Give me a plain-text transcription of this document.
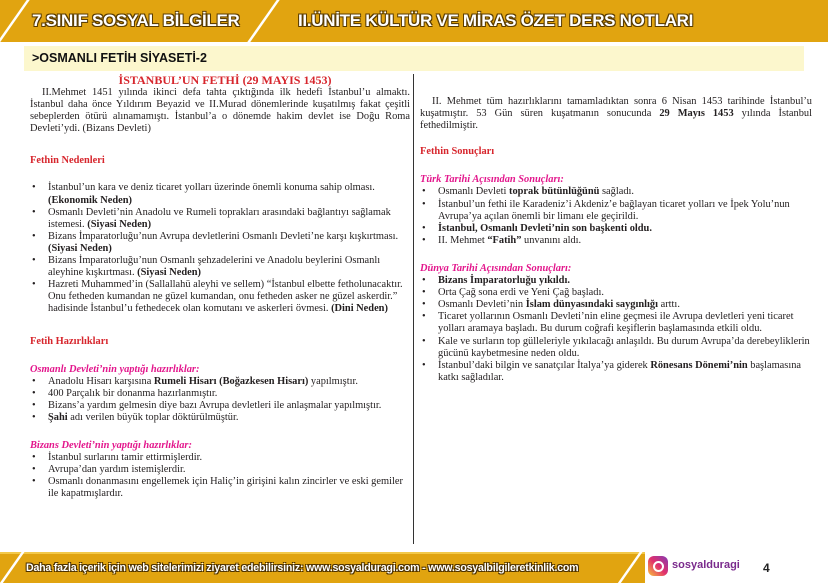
7.SINIF SOSYAL BİLGİLER	II.ÜNİTE KÜLTÜR VE MİRAS ÖZET DERS NOTLARI
>OSMANLI FETİH SİYASETİ-2
İSTANBUL’UN FETHİ (29 MAYIS 1453)
II.Mehmet 1451 yılında ikinci defa tahta çıktığında ilk hedefi İstanbul’u almaktı. İstanbul daha önce Yıldırım Beyazid ve II.Murad dönemlerinde kuşatılmış fakat çeşitli sebeplerden ötürü alınamamıştı. İstanbul’a o dönemde hakim devlet ise Doğu Roma Devleti’ydi. (Bizans Devleti)
Fethin Nedenleri
• İstanbul’un kara ve deniz ticaret yolları üzerinde önemli konuma sahip olması. (Ekonomik Neden)
• Osmanlı Devleti’nin Anadolu ve Rumeli toprakları arasındaki bağlantıyı sağlamak istemesi. (Siyasi Neden)
• Bizans İmparatorluğu’nun Avrupa devletlerini Osmanlı Devleti’ne karşı kışkırtması. (Siyasi Neden)
• Bizans İmparatorluğu’nun Osmanlı şehzadelerini ve Anadolu beylerini Osmanlı aleyhine kışkırtması. (Siyasi Neden)
• Hazreti Muhammed’in (Sallallahü aleyhi ve sellem) “İstanbul elbette fetholunacaktır. Onu fetheden kumandan ne güzel kumandan, onu fetheden asker ne güzel askerdir.” hadisinde İstanbul’u fethedecek olan komutanı ve askerleri övmesi. (Dini Neden)
Fetih Hazırlıkları
Osmanlı Devleti’nin yaptığı hazırlıklar:
• Anadolu Hisarı karşısına Rumeli Hisarı (Boğazkesen Hisarı) yapılmıştır.
• 400 Parçalık bir donanma hazırlanmıştır.
• Bizans’a yardım gelmesin diye bazı Avrupa devletleri ile anlaşmalar yapılmıştır.
• Şahi adı verilen büyük toplar döktürülmüştür.
Bizans Devleti’nin yaptığı hazırlıklar:
• İstanbul surlarını tamir ettirmişlerdir.
• Avrupa’dan yardım istemişlerdir.
• Osmanlı donanmasını engellemek için Haliç’in girişini kalın zincirler ve eski gemiler ile kapatmışlardır.
II. Mehmet tüm hazırlıklarını tamamladıktan sonra 6 Nisan 1453 tarihinde İstanbul’u kuşatmıştır. 53 Gün süren kuşatmanın sonucunda 29 Mayıs 1453 yılında İstanbul fethedilmiştir.
Fethin Sonuçları
Türk Tarihi Açısından Sonuçları:
• Osmanlı Devleti toprak bütünlüğünü sağladı.
• İstanbul’un fethi ile Karadeniz’i Akdeniz’e bağlayan ticaret yolları ve İpek Yolu’nun Avrupa’ya açılan önemli bir limanı ele geçirildi.
• İstanbul, Osmanlı Devleti’nin son başkenti oldu.
• II. Mehmet “Fatih” unvanını aldı.
Dünya Tarihi Açısından Sonuçları:
• Bizans İmparatorluğu yıkıldı.
• Orta Çağ sona erdi ve Yeni Çağ başladı.
• Osmanlı Devleti’nin İslam dünyasındaki saygınlığı arttı.
• Ticaret yollarının Osmanlı Devleti’nin eline geçmesi ile Avrupa devletleri yeni ticaret yolları aramaya başladı. Bu durum coğrafi keşiflerin başlamasında etkili oldu.
• Kale ve surların top gülleleriyle yıkılacağı anlaşıldı. Bu durum Avrupa’da derebeyliklerin gücünü kaybetmesine neden oldu.
• İstanbul’daki bilgin ve sanatçılar İtalya’ya giderek Rönesans Dönemi’nin başlamasına katkı sağladılar.
Daha fazla içerik için web sitelerimizi ziyaret edebilirsiniz: www.sosyalduragi.com - www.sosyalbilgileretkinlik.com	sosyalduragi 4
